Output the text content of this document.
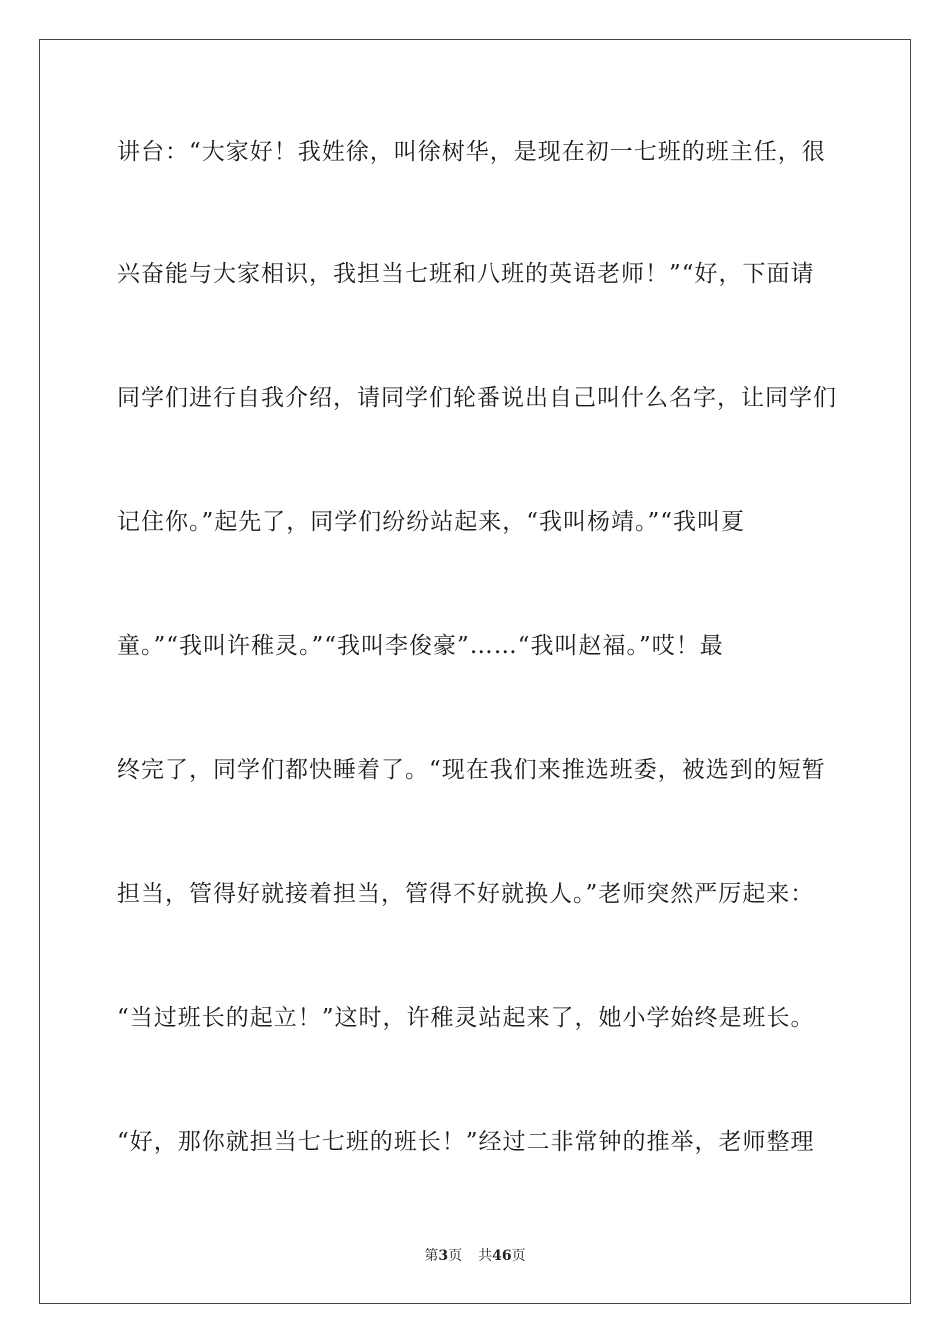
讲台：“大家好！我姓徐，叫徐树华，是现在初一七班的班主任，很
兴奋能与大家相识，我担当七班和八班的英语老师！”“好，下面请
同学们进行自我介绍，请同学们轮番说出自己叫什么名字，让同学们
记住你。”起先了，同学们纷纷站起来，“我叫杨靖。”“我叫夏
童。”“我叫许稚灵。”“我叫李俊豪”……“我叫赵福。”哎！最
终完了，同学们都快睡着了。“现在我们来推选班委，被选到的短暂
担当，管得好就接着担当，管得不好就换人。”老师突然严厉起来：
“当过班长的起立！”这时，许稚灵站起来了，她小学始终是班长。
“好，那你就担当七七班的班长！”经过二非常钟的推举，老师整理
第3页 共46页
